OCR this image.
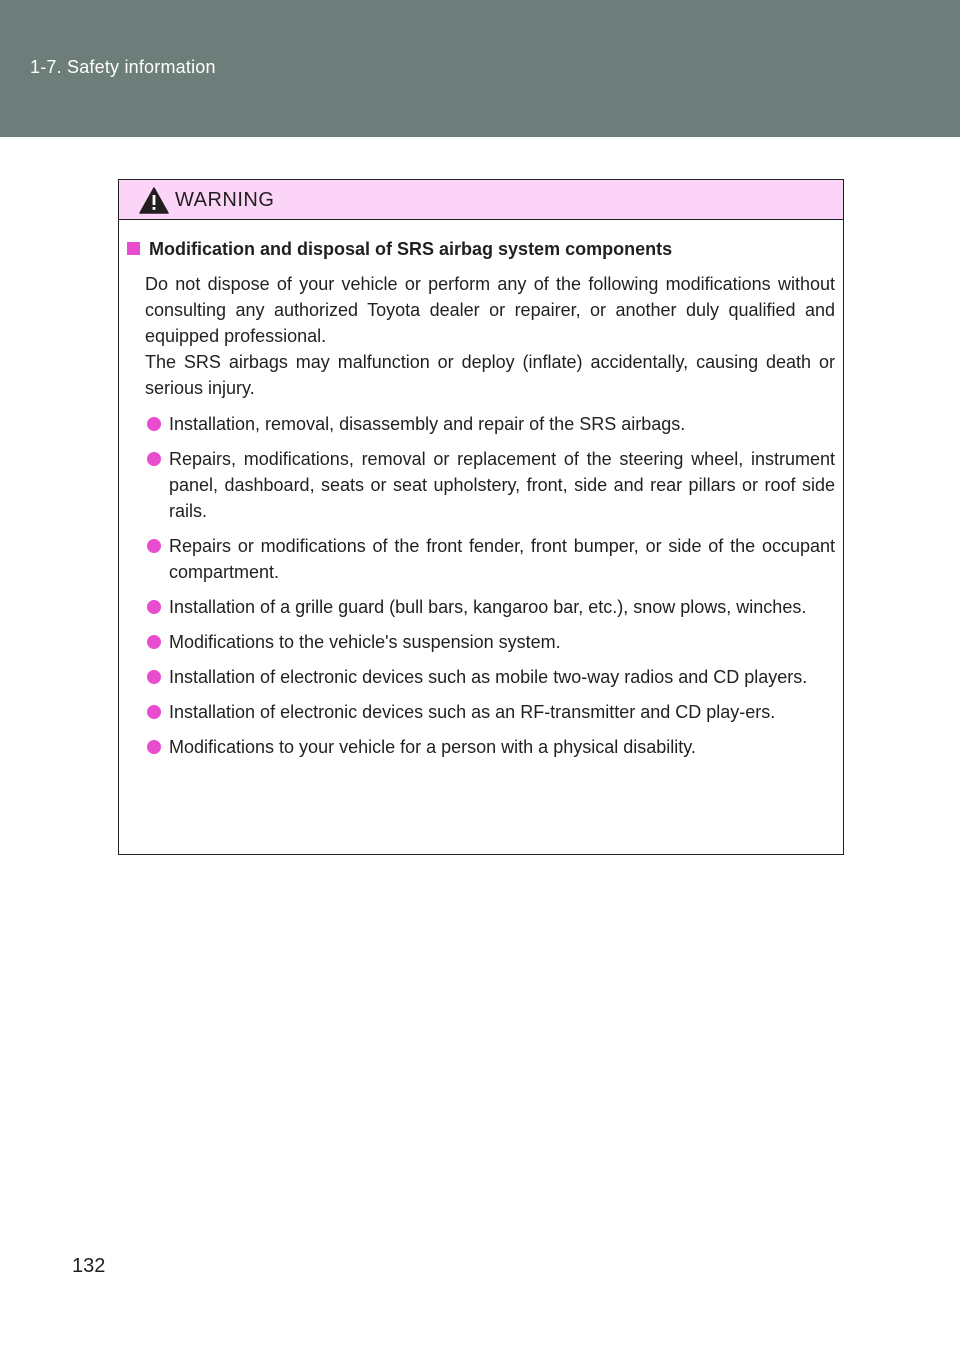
1-7. Safety information
WARNING
Modification and disposal of SRS airbag system components
Do not dispose of your vehicle or perform any of the following modifications without consulting any authorized Toyota dealer or repairer, or another duly qualified and equipped professional.
The SRS airbags may malfunction or deploy (inflate) accidentally, causing death or serious injury.
Installation, removal, disassembly and repair of the SRS airbags.
Repairs, modifications, removal or replacement of the steering wheel, instrument panel, dashboard, seats or seat upholstery, front, side and rear pillars or roof side rails.
Repairs or modifications of the front fender, front bumper, or side of the occupant compartment.
Installation of a grille guard (bull bars, kangaroo bar, etc.), snow plows, winches.
Modifications to the vehicle's suspension system.
Installation of electronic devices such as mobile two-way radios and CD players.
Installation of electronic devices such as an RF-transmitter and CD play-ers.
Modifications to your vehicle for a person with a physical disability.
132
